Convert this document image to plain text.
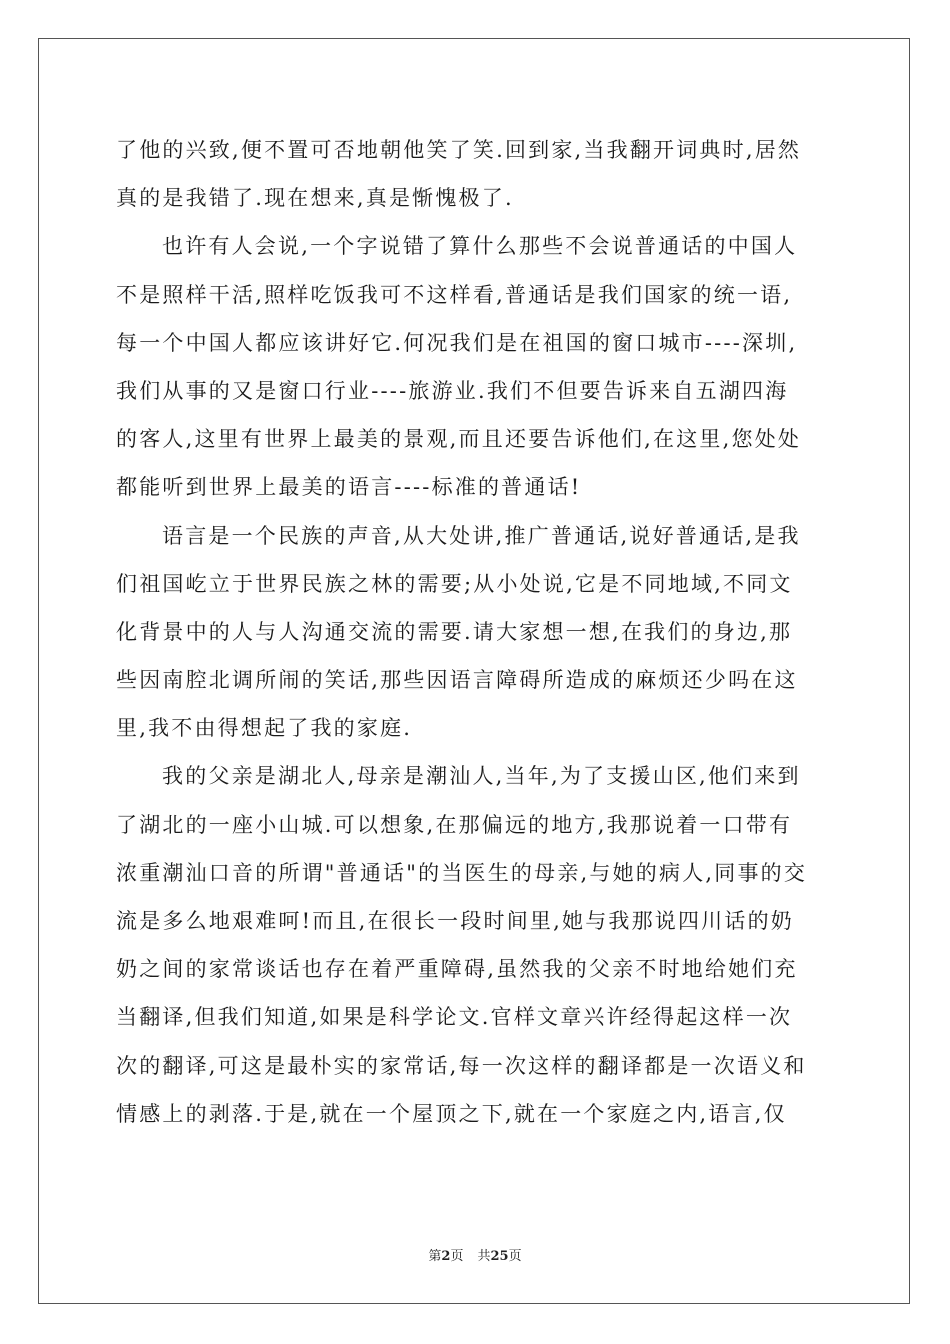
了他的兴致,便不置可否地朝他笑了笑.回到家,当我翻开词典时,居然
真的是我错了.现在想来,真是惭愧极了.
也许有人会说,一个字说错了算什么那些不会说普通话的中国人
不是照样干活,照样吃饭我可不这样看,普通话是我们国家的统一语,
每一个中国人都应该讲好它.何况我们是在祖国的窗口城市----深圳,
我们从事的又是窗口行业----旅游业.我们不但要告诉来自五湖四海
的客人,这里有世界上最美的景观,而且还要告诉他们,在这里,您处处
都能听到世界上最美的语言----标准的普通话!
语言是一个民族的声音,从大处讲,推广普通话,说好普通话,是我
们祖国屹立于世界民族之林的需要;从小处说,它是不同地域,不同文
化背景中的人与人沟通交流的需要.请大家想一想,在我们的身边,那
些因南腔北调所闹的笑话,那些因语言障碍所造成的麻烦还少吗在这
里,我不由得想起了我的家庭.
我的父亲是湖北人,母亲是潮汕人,当年,为了支援山区,他们来到
了湖北的一座小山城.可以想象,在那偏远的地方,我那说着一口带有
浓重潮汕口音的所谓"普通话"的当医生的母亲,与她的病人,同事的交
流是多么地艰难呵!而且,在很长一段时间里,她与我那说四川话的奶
奶之间的家常谈话也存在着严重障碍,虽然我的父亲不时地给她们充
当翻译,但我们知道,如果是科学论文.官样文章兴许经得起这样一次
次的翻译,可这是最朴实的家常话,每一次这样的翻译都是一次语义和
情感上的剥落.于是,就在一个屋顶之下,就在一个家庭之内,语言,仅
第2页 共25页
